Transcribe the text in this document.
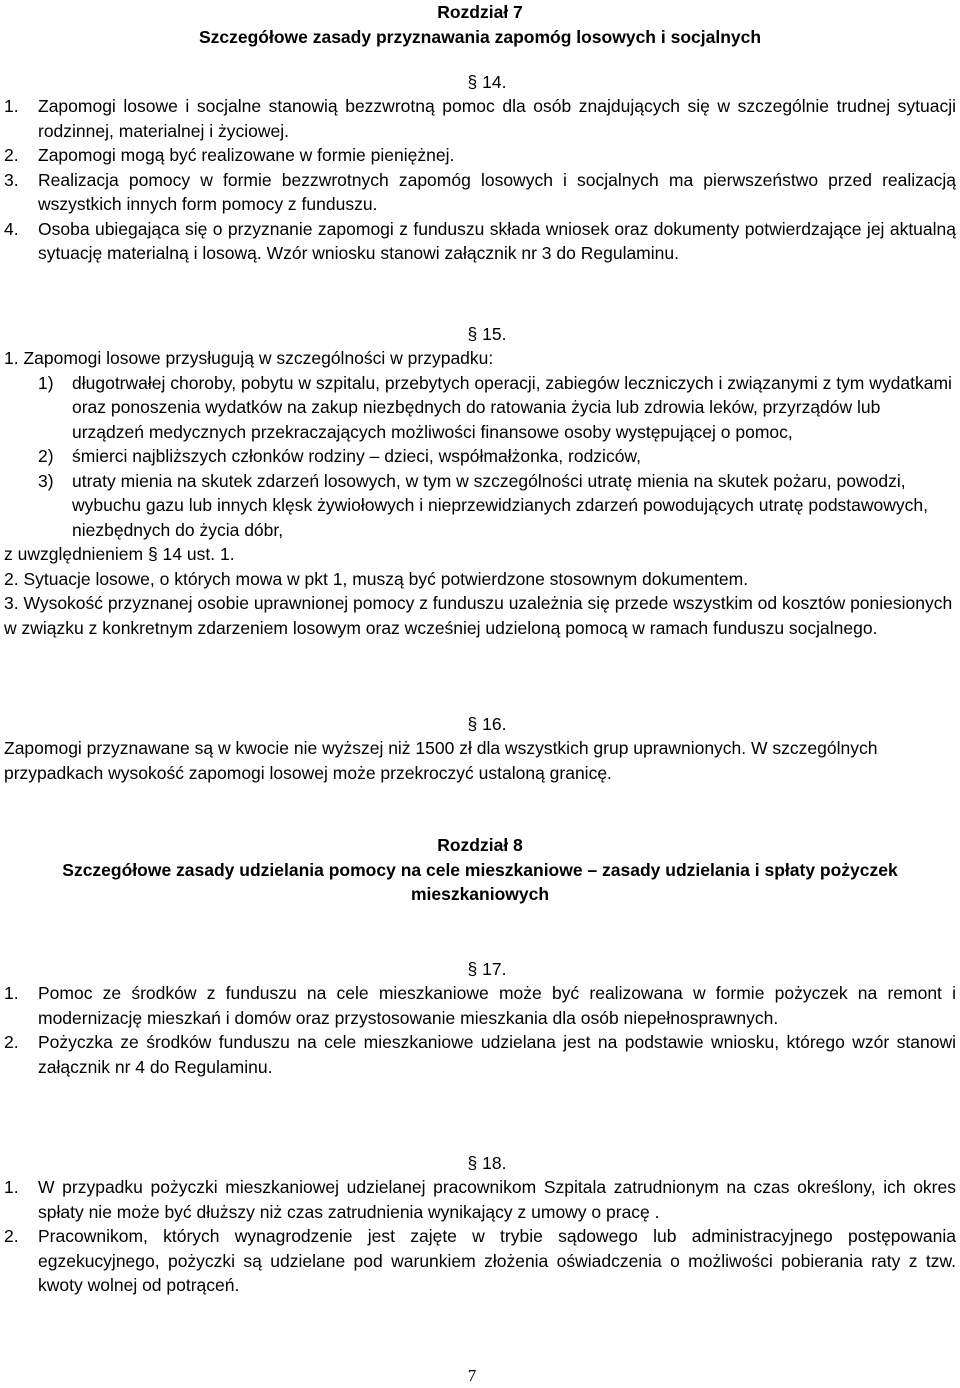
Rozdział 7
Szczegółowe zasady przyznawania zapomóg losowych i socjalnych
§ 14.
1.	Zapomogi losowe i socjalne stanowią bezzwrotną pomoc dla osób znajdujących się w szczególnie trudnej sytuacji rodzinnej, materialnej i życiowej.
2.	Zapomogi mogą być realizowane w formie pieniężnej.
3.	Realizacja pomocy w formie bezzwrotnych zapomóg losowych i socjalnych ma pierwszeństwo przed realizacją wszystkich innych form pomocy z funduszu.
4.	Osoba ubiegająca się o przyznanie zapomogi z funduszu składa wniosek oraz dokumenty potwierdzające jej aktualną sytuację materialną i losową. Wzór wniosku stanowi załącznik nr 3 do Regulaminu.
§ 15.
1. Zapomogi losowe przysługują w szczególności w przypadku:
1)	długotrwałej choroby, pobytu w szpitalu, przebytych operacji, zabiegów leczniczych i związanymi z tym wydatkami oraz ponoszenia wydatków na zakup niezbędnych do ratowania życia lub zdrowia leków, przyrządów lub urządzeń medycznych przekraczających możliwości finansowe osoby występującej o pomoc,
2)	śmierci najbliższych członków rodziny – dzieci, współmałżonka, rodziców,
3)	utraty mienia na skutek zdarzeń losowych, w tym w szczególności utratę mienia na skutek pożaru, powodzi, wybuchu gazu lub innych klęsk żywiołowych i nieprzewidzianych zdarzeń powodujących utratę podstawowych, niezbędnych do życia dóbr,
z uwzględnieniem § 14 ust. 1.
2. Sytuacje losowe, o których mowa w pkt 1, muszą być potwierdzone stosownym dokumentem.
3. Wysokość przyznanej osobie uprawnionej pomocy z funduszu uzależnia się przede wszystkim od kosztów poniesionych w związku z konkretnym zdarzeniem losowym oraz wcześniej udzieloną pomocą w ramach funduszu socjalnego.
§ 16.
Zapomogi przyznawane są w kwocie nie wyższej niż 1500 zł dla wszystkich grup uprawnionych. W szczególnych przypadkach wysokość zapomogi losowej może przekroczyć ustaloną granicę.
Rozdział 8
Szczegółowe zasady udzielania pomocy na cele mieszkaniowe – zasady udzielania i spłaty pożyczek mieszkaniowych
§ 17.
1.	Pomoc ze środków z funduszu na cele mieszkaniowe może być realizowana w formie pożyczek na remont i modernizację mieszkań i domów oraz przystosowanie mieszkania dla osób niepełnosprawnych.
2.	Pożyczka ze środków funduszu na cele mieszkaniowe udzielana jest na podstawie wniosku, którego wzór stanowi załącznik nr 4 do Regulaminu.
§ 18.
1.	W przypadku pożyczki mieszkaniowej udzielanej pracownikom Szpitala zatrudnionym na czas określony, ich okres spłaty nie może być dłuższy niż czas zatrudnienia wynikający z umowy o pracę .
2.	Pracownikom, których wynagrodzenie jest zajęte w trybie sądowego lub administracyjnego postępowania egzekucyjnego, pożyczki są udzielane pod warunkiem złożenia oświadczenia o możliwości pobierania raty z tzw. kwoty wolnej od potrąceń.
7
